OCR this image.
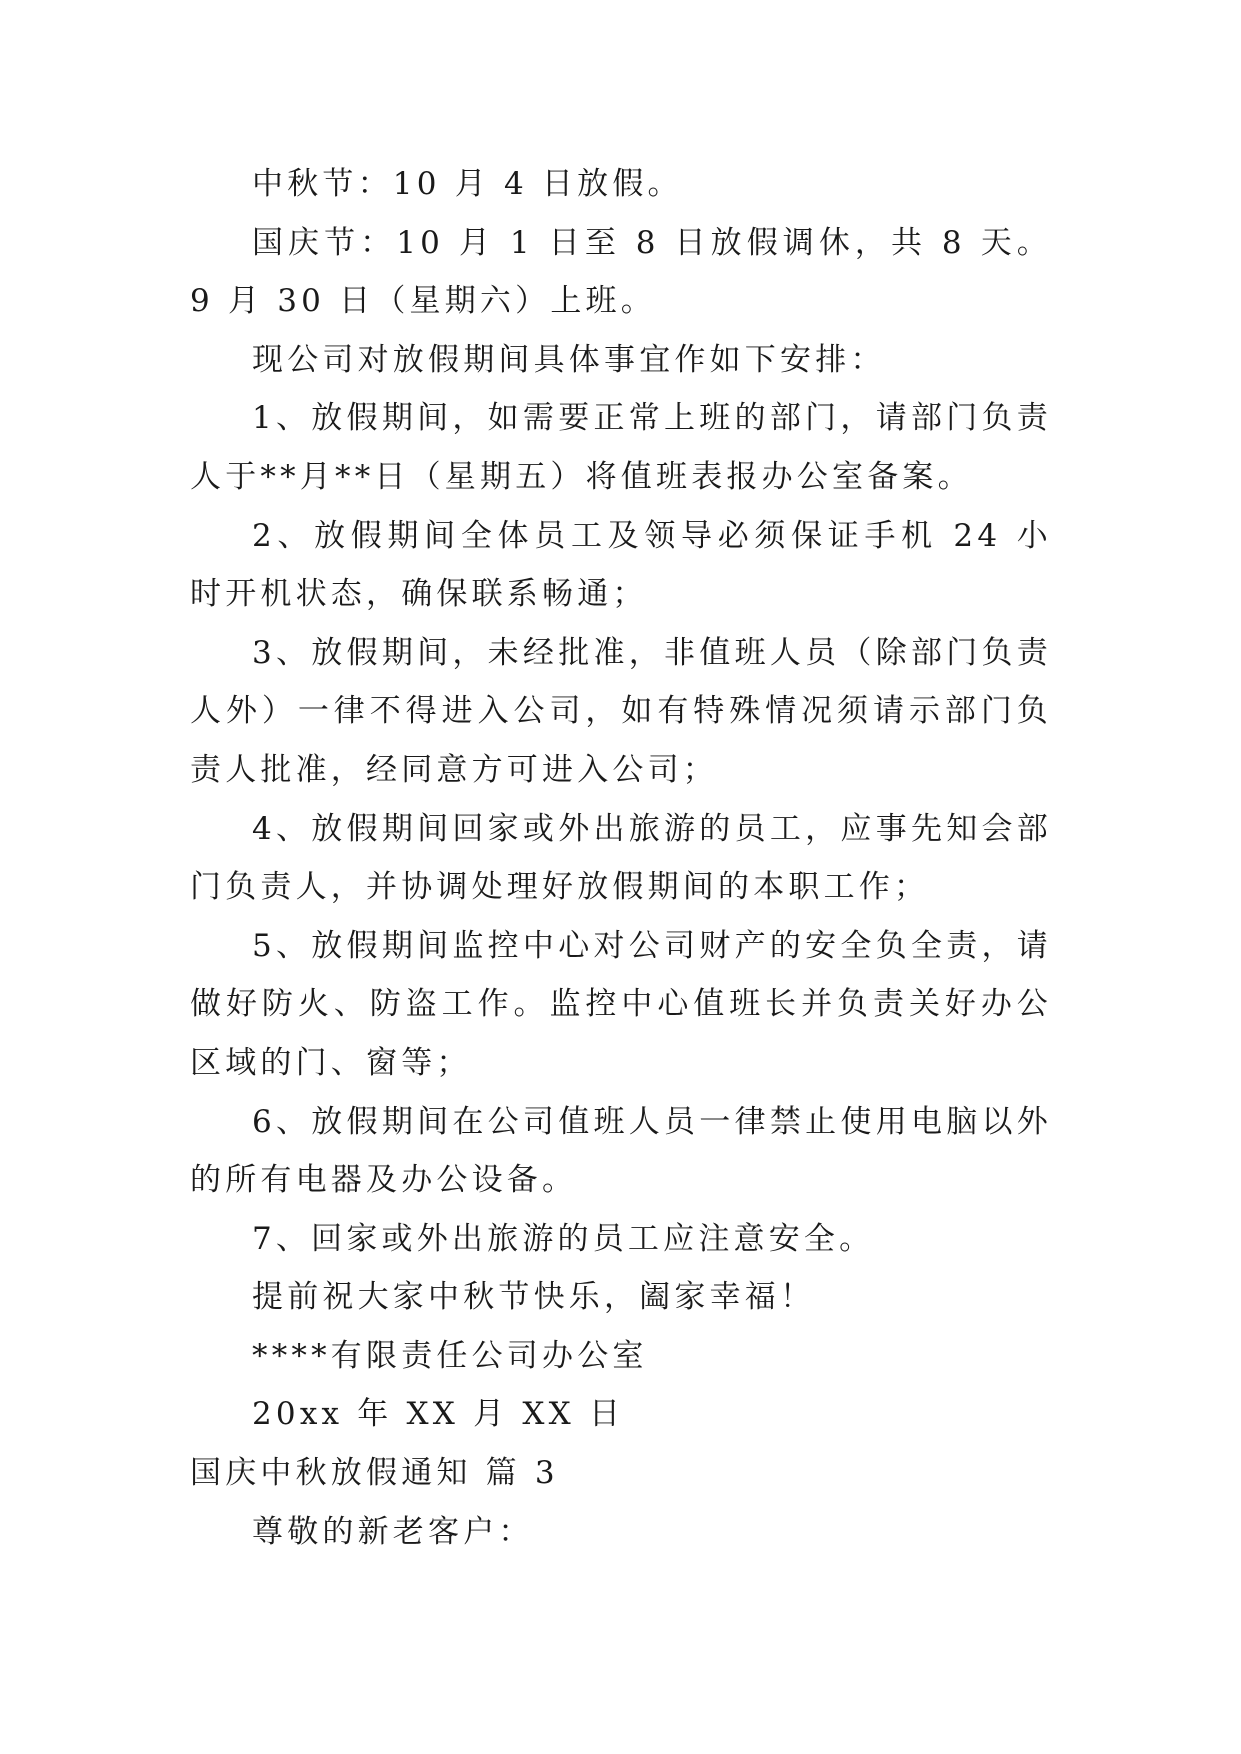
中秋节：10 月 4 日放假。

国庆节：10 月 1 日至 8 日放假调休，共 8 天。9 月 30 日（星期六）上班。

现公司对放假期间具体事宜作如下安排：

1、放假期间，如需要正常上班的部门，请部门负责人于**月**日（星期五）将值班表报办公室备案。

2、放假期间全体员工及领导必须保证手机 24 小时开机状态，确保联系畅通；

3、放假期间，未经批准，非值班人员（除部门负责人外）一律不得进入公司，如有特殊情况须请示部门负责人批准，经同意方可进入公司；

4、放假期间回家或外出旅游的员工，应事先知会部门负责人，并协调处理好放假期间的本职工作；

5、放假期间监控中心对公司财产的安全负全责，请做好防火、防盗工作。监控中心值班长并负责关好办公区域的门、窗等；

6、放假期间在公司值班人员一律禁止使用电脑以外的所有电器及办公设备。

7、回家或外出旅游的员工应注意安全。

提前祝大家中秋节快乐，阖家幸福！

****有限责任公司办公室

20xx 年 XX 月 XX 日

国庆中秋放假通知 篇 3

尊敬的新老客户：
